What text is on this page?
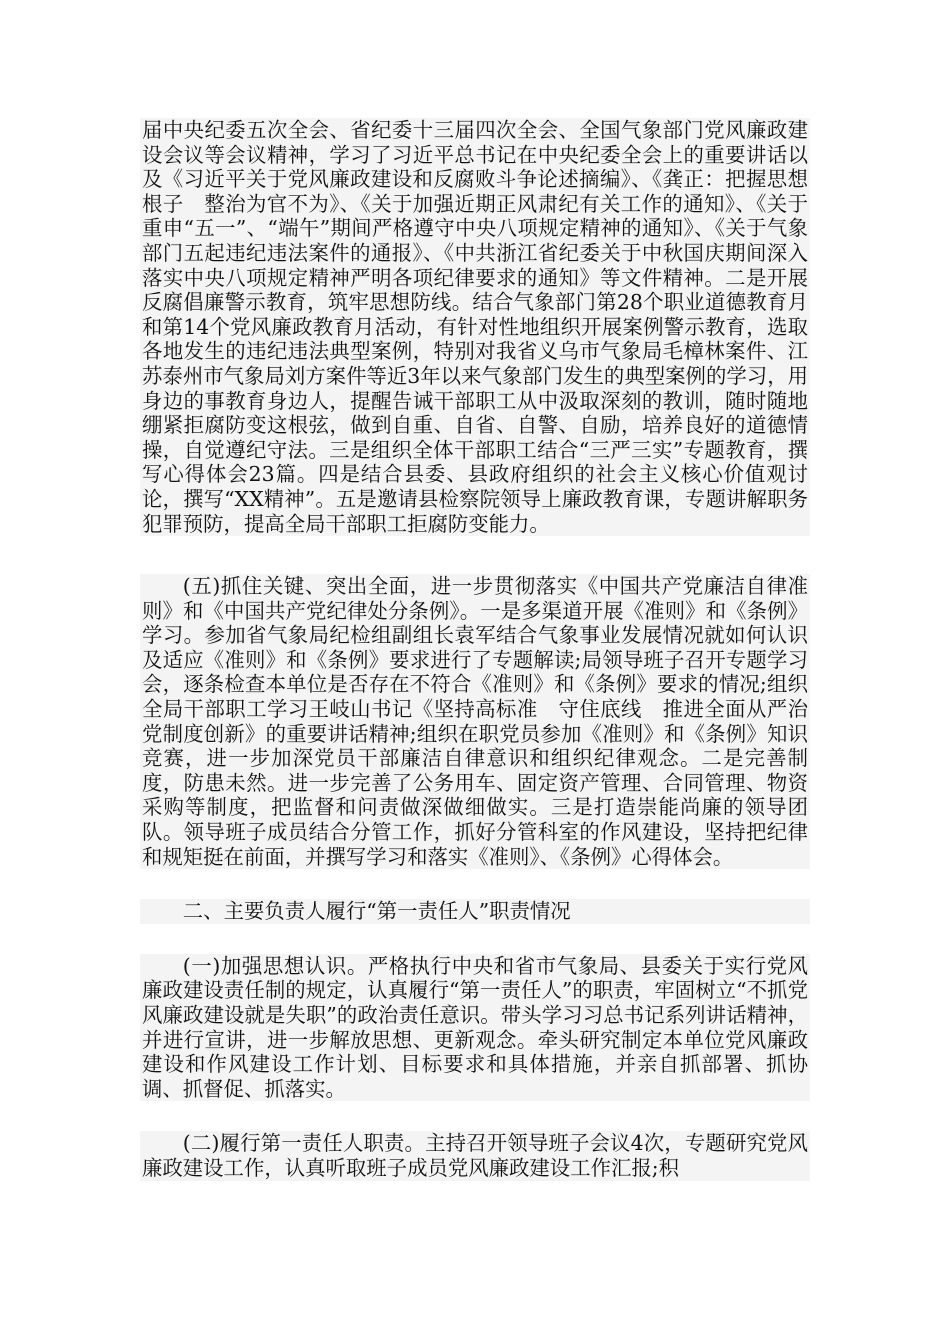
届中央纪委五次全会、省纪委十三届四次全会、全国气象部门党风廉政建设会议等会议精神，学习了习近平总书记在中央纪委全会上的重要讲话以及《习近平关于党风廉政建设和反腐败斗争论述摘编》、《龚正：把握思想根子　整治为官不为》、《关于加强近期正风肃纪有关工作的通知》、《关于重申“五一”、“端午”期间严格遵守中央八项规定精神的通知》、《关于气象部门五起违纪违法案件的通报》、《中共浙江省纪委关于中秋国庆期间深入落实中央八项规定精神严明各项纪律要求的通知》等文件精神。二是开展反腐倡廉警示教育，筑牢思想防线。结合气象部门第28个职业道德教育月和第14个党风廉政教育月活动，有针对性地组织开展案例警示教育，选取各地发生的违纪违法典型案例，特别对我省义乌市气象局毛樟林案件、江苏泰州市气象局刘方案件等近3年以来气象部门发生的典型案例的学习，用身边的事教育身边人，提醒告诫干部职工从中汲取深刻的教训，随时随地绷紧拒腐防变这根弦，做到自重、自省、自警、自励，培养良好的道德情操，自觉遵纪守法。三是组织全体干部职工结合“三严三实”专题教育，撰写心得体会23篇。四是结合县委、县政府组织的社会主义核心价值观讨论，撰写“XX精神”。五是邀请县检察院领导上廉政教育课，专题讲解职务犯罪预防，提高全局干部职工拒腐防变能力。

(五)抓住关键、突出全面，进一步贯彻落实《中国共产党廉洁自律准则》和《中国共产党纪律处分条例》。一是多渠道开展《准则》和《条例》学习。参加省气象局纪检组副组长袁军结合气象事业发展情况就如何认识及适应《准则》和《条例》要求进行了专题解读;局领导班子召开专题学习会，逐条检查本单位是否存在不符合《准则》和《条例》要求的情况;组织全局干部职工学习王岐山书记《坚持高标准　守住底线　推进全面从严治党制度创新》的重要讲话精神;组织在职党员参加《准则》和《条例》知识竞赛，进一步加深党员干部廉洁自律意识和组织纪律观念。二是完善制度，防患未然。进一步完善了公务用车、固定资产管理、合同管理、物资采购等制度，把监督和问责做深做细做实。三是打造崇能尚廉的领导团队。领导班子成员结合分管工作，抓好分管科室的作风建设，坚持把纪律和规矩挺在前面，并撰写学习和落实《准则》、《条例》心得体会。

二、主要负责人履行“第一责任人”职责情况

(一)加强思想认识。严格执行中央和省市气象局、县委关于实行党风廉政建设责任制的规定，认真履行“第一责任人”的职责，牢固树立“不抓党风廉政建设就是失职”的政治责任意识。带头学习习总书记系列讲话精神，并进行宣讲，进一步解放思想、更新观念。牵头研究制定本单位党风廉政建设和作风建设工作计划、目标要求和具体措施，并亲自抓部署、抓协调、抓督促、抓落实。

(二)履行第一责任人职责。主持召开领导班子会议4次，专题研究党风廉政建设工作，认真听取班子成员党风廉政建设工作汇报;积
